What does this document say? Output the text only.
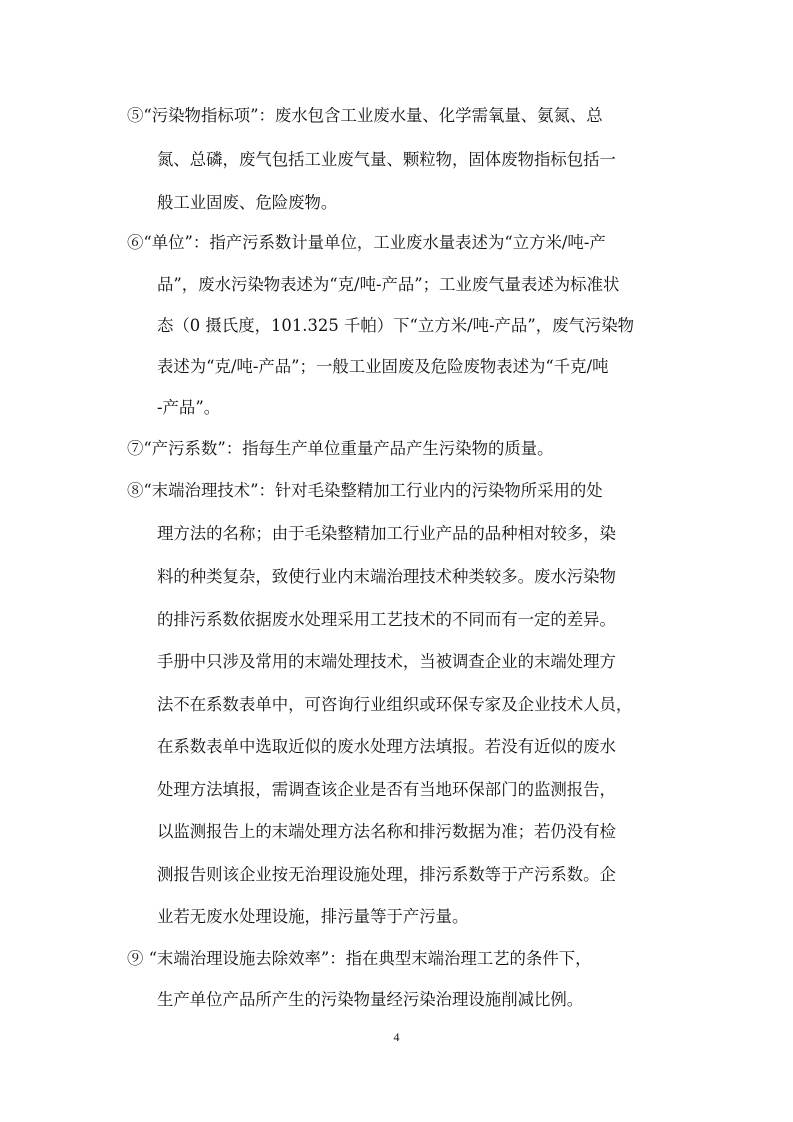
⑤“污染物指标项”：废水包含工业废水量、化学需氧量、氨氮、总
氮、总磷，废气包括工业废气量、颗粒物，固体废物指标包括一
般工业固废、危险废物。
⑥“单位”：指产污系数计量单位，工业废水量表述为“立方米/吨-产
品”，废水污染物表述为“克/吨-产品”；工业废气量表述为标准状
态（0 摄氏度，101.325 千帕）下“立方米/吨-产品”，废气污染物
表述为“克/吨-产品”；一般工业固废及危险废物表述为“千克/吨
-产品”。
⑦“产污系数”：指每生产单位重量产品产生污染物的质量。
⑧“末端治理技术”：针对毛染整精加工行业内的污染物所采用的处
理方法的名称；由于毛染整精加工行业产品的品种相对较多，染
料的种类复杂，致使行业内末端治理技术种类较多。废水污染物
的排污系数依据废水处理采用工艺技术的不同而有一定的差异。
手册中只涉及常用的末端处理技术，当被调查企业的末端处理方
法不在系数表单中，可咨询行业组织或环保专家及企业技术人员，
在系数表单中选取近似的废水处理方法填报。若没有近似的废水
处理方法填报，需调查该企业是否有当地环保部门的监测报告，
以监测报告上的末端处理方法名称和排污数据为准；若仍没有检
测报告则该企业按无治理设施处理，排污系数等于产污系数。企
业若无废水处理设施，排污量等于产污量。
⑨ “末端治理设施去除效率”：指在典型末端治理工艺的条件下，
生产单位产品所产生的污染物量经污染治理设施削减比例。
4
